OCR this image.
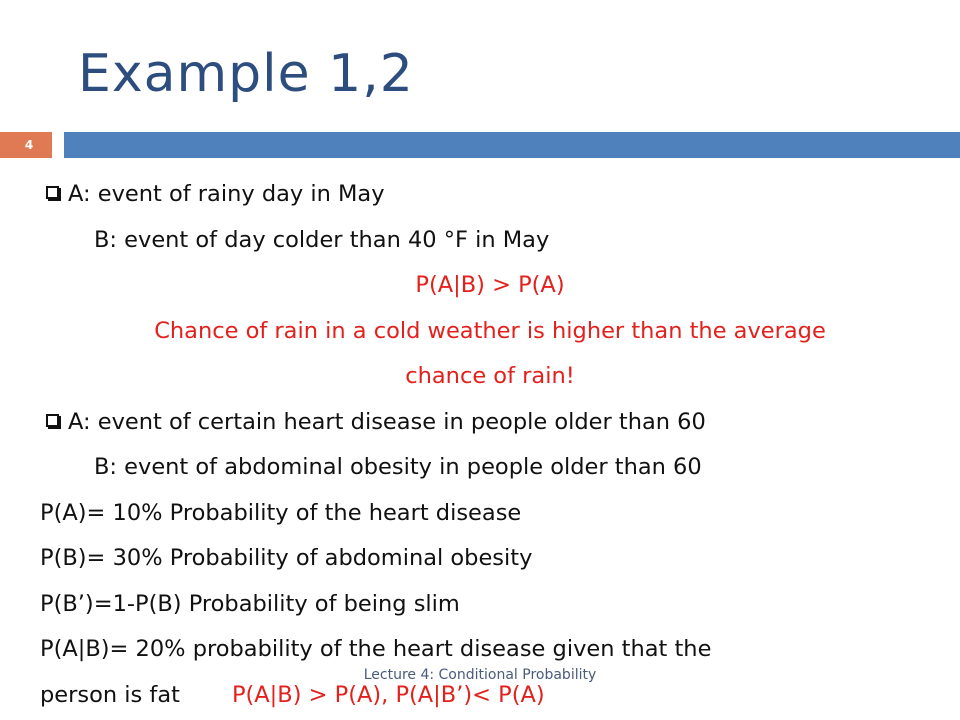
Example 1,2
4
A: event of rainy day in May
B: event of day colder than 40 °F in May
P(A|B) > P(A)
Chance of rain in a cold weather is higher than the average
chance of rain!
A: event of certain heart disease in people older than 60
B: event of abdominal obesity in people older than 60
P(A)= 10% Probability of the heart disease
P(B)= 30% Probability of abdominal obesity
P(B’)=1-P(B) Probability of being slim
P(A|B)= 20% probability of the heart disease given that the
person is fat P(A|B) > P(A), P(A|B’)< P(A)
Lecture 4: Conditional Probability
